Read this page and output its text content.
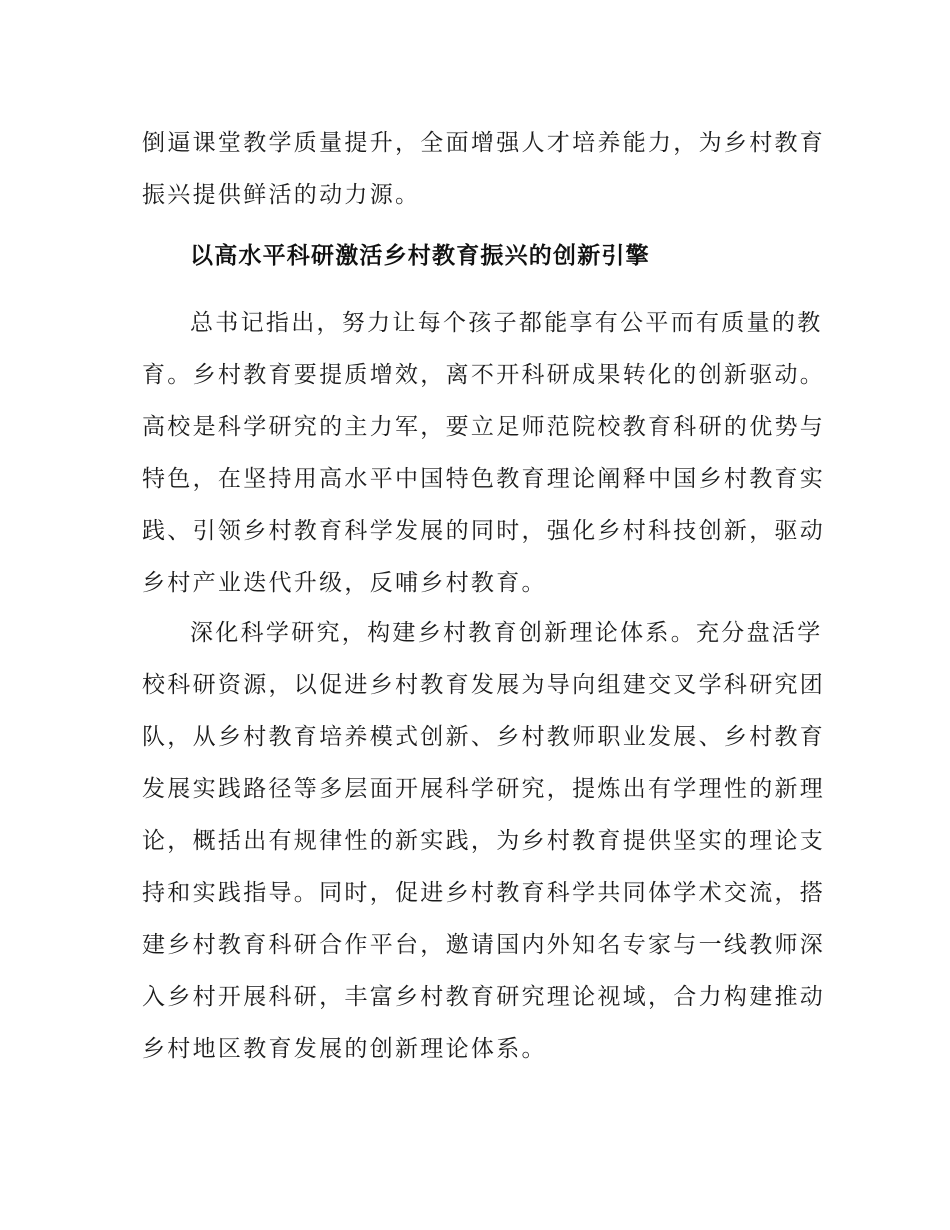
倒逼课堂教学质量提升，全面增强人才培养能力，为乡村教育
振兴提供鲜活的动力源。
以高水平科研激活乡村教育振兴的创新引擎
总书记指出，努力让每个孩子都能享有公平而有质量的教
育。乡村教育要提质增效，离不开科研成果转化的创新驱动。
高校是科学研究的主力军，要立足师范院校教育科研的优势与
特色，在坚持用高水平中国特色教育理论阐释中国乡村教育实
践、引领乡村教育科学发展的同时，强化乡村科技创新，驱动
乡村产业迭代升级，反哺乡村教育。
深化科学研究，构建乡村教育创新理论体系。充分盘活学
校科研资源，以促进乡村教育发展为导向组建交叉学科研究团
队，从乡村教育培养模式创新、乡村教师职业发展、乡村教育
发展实践路径等多层面开展科学研究，提炼出有学理性的新理
论，概括出有规律性的新实践，为乡村教育提供坚实的理论支
持和实践指导。同时，促进乡村教育科学共同体学术交流，搭
建乡村教育科研合作平台，邀请国内外知名专家与一线教师深
入乡村开展科研，丰富乡村教育研究理论视域，合力构建推动
乡村地区教育发展的创新理论体系。
